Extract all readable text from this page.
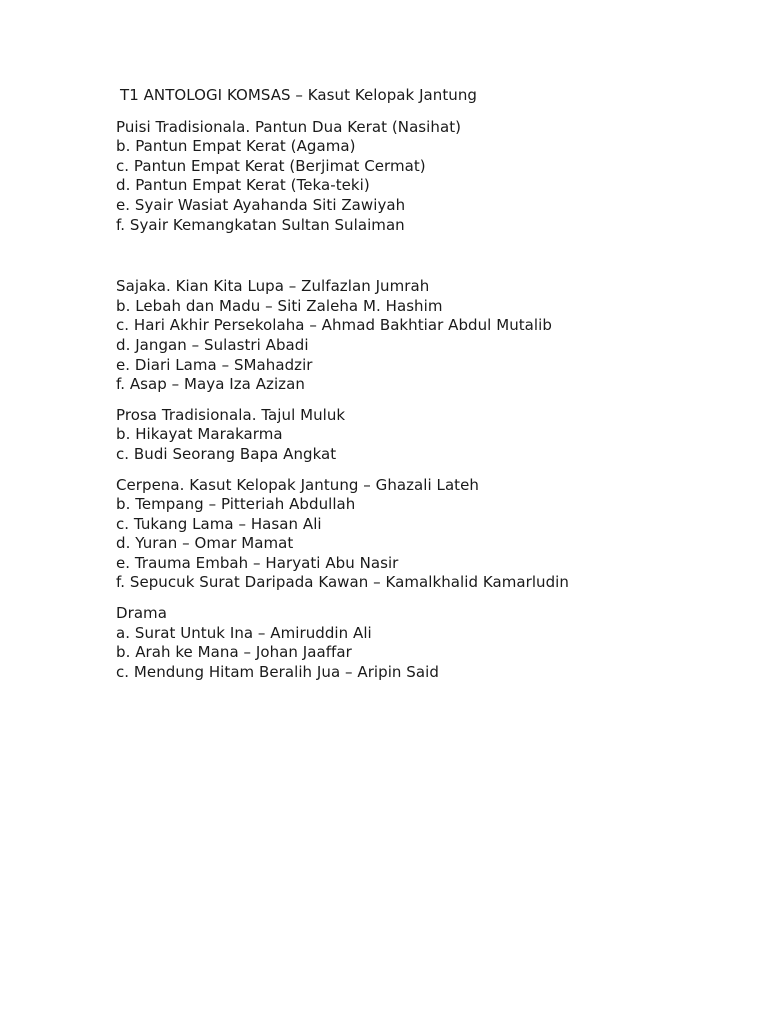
T1 ANTOLOGI KOMSAS – Kasut Kelopak Jantung
Puisi Tradisionala. Pantun Dua Kerat (Nasihat)
b. Pantun Empat Kerat (Agama)
c. Pantun Empat Kerat (Berjimat Cermat)
d. Pantun Empat Kerat (Teka-teki)
e. Syair Wasiat Ayahanda Siti Zawiyah
f. Syair Kemangkatan Sultan Sulaiman
Sajaka. Kian Kita Lupa – Zulfazlan Jumrah
b. Lebah dan Madu – Siti Zaleha M. Hashim
c. Hari Akhir Persekolaha – Ahmad Bakhtiar Abdul Mutalib
d. Jangan – Sulastri Abadi
e. Diari Lama – SMahadzir
f. Asap – Maya Iza Azizan
Prosa Tradisionala. Tajul Muluk
b. Hikayat Marakarma
c. Budi Seorang Bapa Angkat
Cerpena. Kasut Kelopak Jantung – Ghazali Lateh
b. Tempang – Pitteriah Abdullah
c. Tukang Lama – Hasan Ali
d. Yuran – Omar Mamat
e. Trauma Embah – Haryati Abu Nasir
f. Sepucuk Surat Daripada Kawan – Kamalkhalid Kamarludin
Drama
a. Surat Untuk Ina – Amiruddin Ali
b. Arah ke Mana – Johan Jaaffar
c. Mendung Hitam Beralih Jua – Aripin Said
